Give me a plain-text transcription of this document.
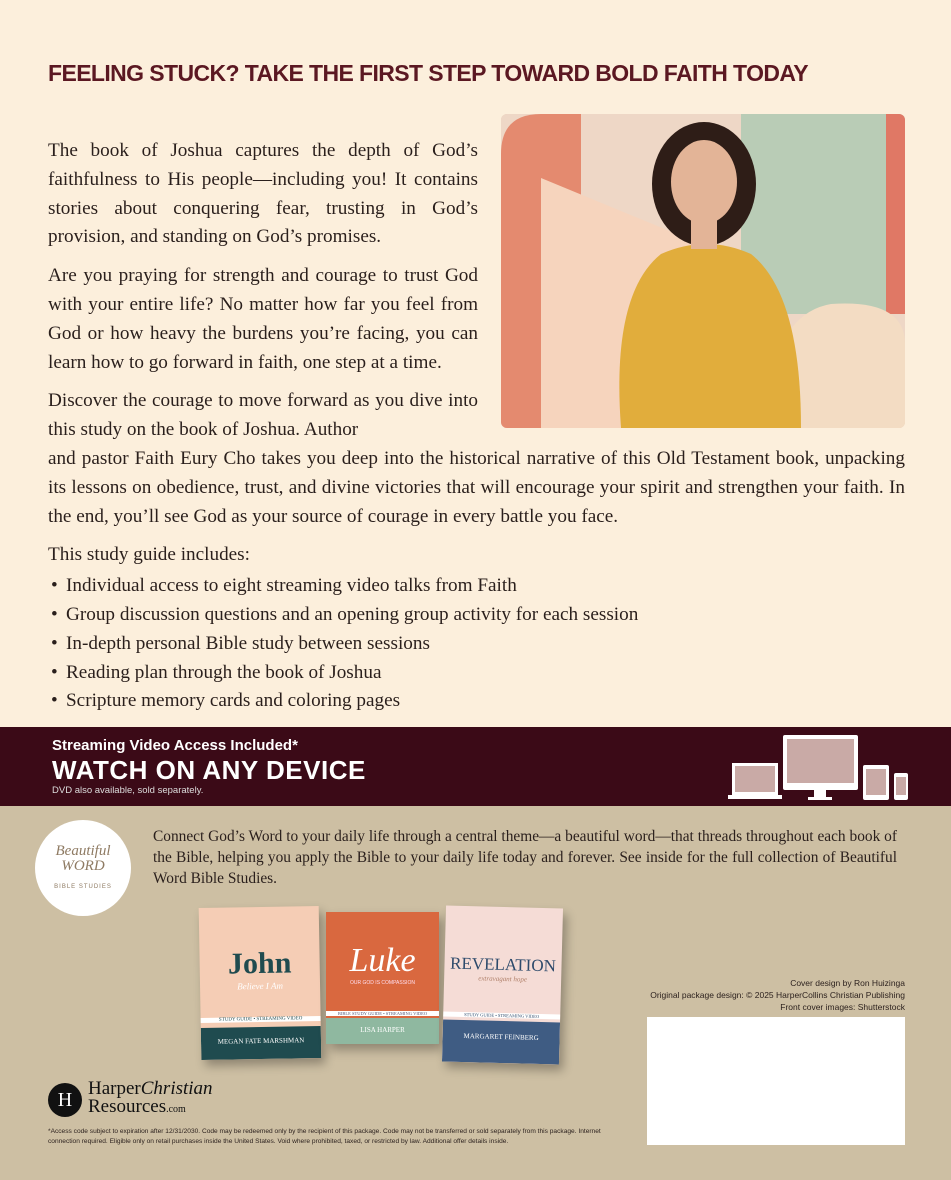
FEELING STUCK? TAKE THE FIRST STEP TOWARD BOLD FAITH TODAY

The book of Joshua captures the depth of God’s faithfulness to His people—including you! It contains stories about conquering fear, trusting in God’s provision, and standing on God’s promises.

Are you praying for strength and courage to trust God with your entire life? No matter how far you feel from God or how heavy the burdens you’re facing, you can learn how to go forward in faith, one step at a time.

Discover the courage to move forward as you dive into this study on the book of Joshua. Author

and pastor Faith Eury Cho takes you deep into the historical narrative of this Old Testament book, unpacking its lessons on obedience, trust, and divine victories that will encourage your spirit and strengthen your faith. In the end, you’ll see God as your source of courage in every battle you face.

This study guide includes:
• Individual access to eight streaming video talks from Faith
• Group discussion questions and an opening group activity for each session
• In-depth personal Bible study between sessions
• Reading plan through the book of Joshua
• Scripture memory cards and coloring pages
Streaming Video Access Included*
WATCH ON ANY DEVICE
DVD also available, sold separately.
Beautiful
WORD
BIBLE STUDIES
Connect God’s Word to your daily life through a central theme—a beautiful word—that threads throughout each book of the Bible, helping you apply the Bible to your daily life today and forever. See inside for the full collection of Beautiful Word Bible Studies.
John
Believe I Am
STUDY GUIDE • STREAMING VIDEO
MEGAN FATE MARSHMAN
Luke
OUR GOD IS COMPASSION
BIBLE STUDY GUIDE • STREAMING VIDEO
LISA HARPER
REVELATION
extravagant hope
STUDY GUIDE • STREAMING VIDEO
MARGARET FEINBERG
Cover design by Ron Huizinga
Original package design: © 2025 HarperCollins Christian Publishing
Front cover images: Shutterstock
H HarperChristian
Resources.com
*Access code subject to expiration after 12/31/2030. Code may be redeemed only by the recipient of this package. Code may not be transferred or sold separately from this package. Internet connection required. Eligible only on retail purchases inside the United States. Void where prohibited, taxed, or restricted by law. Additional offer details inside.
